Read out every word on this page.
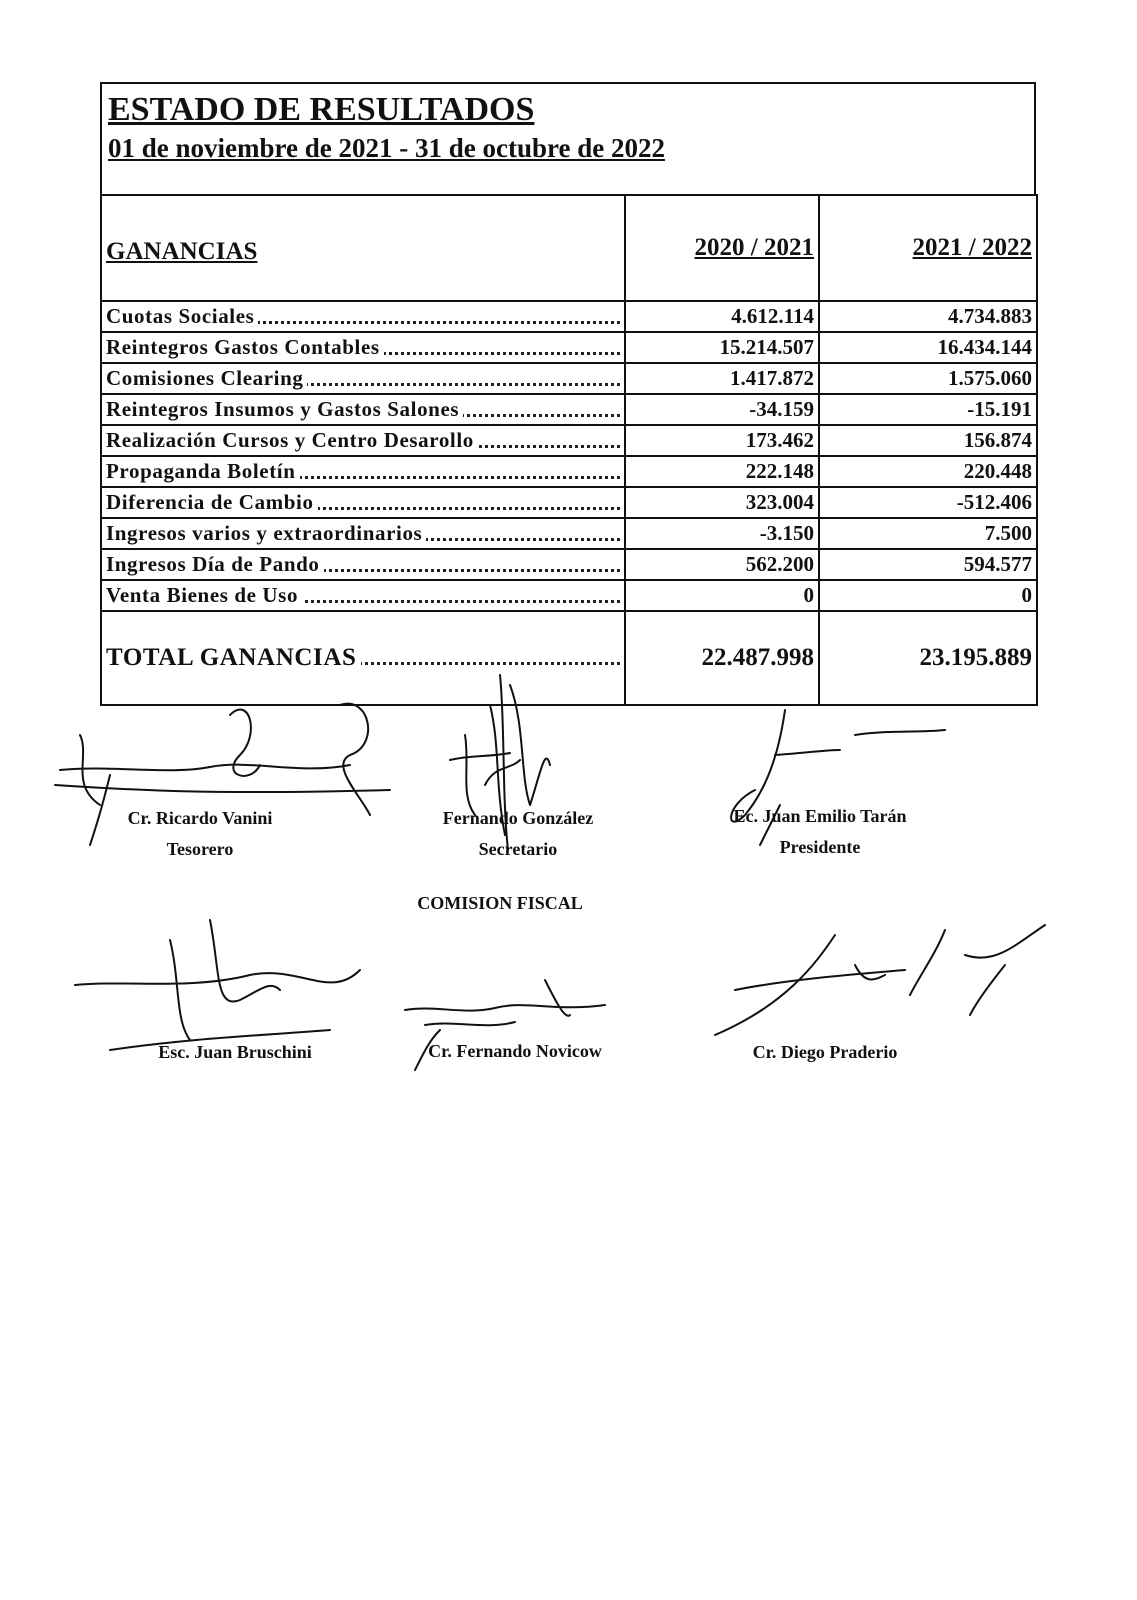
ESTADO DE RESULTADOS
01 de noviembre de 2021 - 31 de octubre de 2022
GANANCIAS	2020 / 2021	2021 / 2022

Cuotas Sociales	4.612.114	4.734.883

Reintegros Gastos Contables	15.214.507	16.434.144

Comisiones Clearing	1.417.872	1.575.060

Reintegros Insumos y Gastos Salones	-34.159	-15.191

Realización Cursos y Centro Desarollo	173.462	156.874

Propaganda Boletín	222.148	220.448

Diferencia de Cambio	323.004	-512.406

Ingresos varios y extraordinarios	-3.150	7.500

Ingresos Día de Pando	562.200	594.577

Venta Bienes de Uso	0	0

TOTAL GANANCIAS	22.487.998	23.195.889
Cr. Ricardo Vanini
Tesorero
Fernando González
Secretario
Ec. Juan Emilio Tarán
Presidente
COMISION FISCAL
Esc. Juan Bruschini	Cr. Fernando Novicow	Cr. Diego Praderio
